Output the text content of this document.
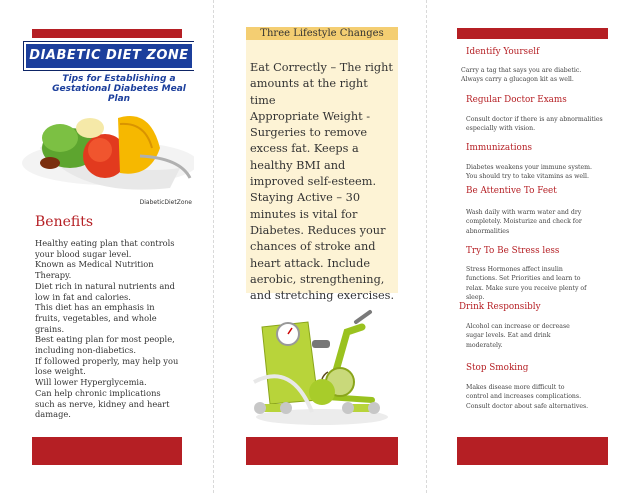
DIABETIC DIET ZONE
Tips for Establishing a Gestational Diabetes Meal Plan
DiabeticDietZone
Benefits
Healthy eating plan that controls
your blood sugar level.
Known as Medical Nutrition
Therapy.
Diet rich in natural nutrients and
low in fat and calories.
This diet has an emphasis in
fruits, vegetables, and whole
grains.
Best eating plan for most people,
including non-diabetics.
If followed properly, may help you
lose weight.
Will lower Hyperglycemia.
Can help chronic implications
such as nerve, kidney and heart
damage.
Three Lifestyle Changes
Eat Correctly – The right
amounts at the right time
Appropriate Weight -
Surgeries to remove
excess fat. Keeps a
healthy BMI and
improved self-esteem.
Staying Active – 30
minutes is vital for
Diabetes. Reduces your
chances of stroke and
heart attack. Include
aerobic, strengthening,
and stretching exercises.
Identify Yourself
Carry a tag that says you are diabetic.
Always carry a glucagon kit as well.
Regular Doctor Exams
Consult doctor if there is any abnormalities
especially with vision.
Immunizations
Diabetes weakens your immune system.
You should try to take vitamins as well.
Be Attentive To Feet
Wash daily with warm water and dry
completely. Moisturize and check for
abnormalities
Try To Be Stress less
Stress Hormones affect insulin
functions. Set Priorities and learn to
relax. Make sure you receive plenty of
sleep.
Drink Responsibly
Alcohol can increase or decrease
sugar levels. Eat and drink
moderately.
Stop Smoking
Makes disease more difficult to
control and increases complications.
Consult doctor about safe alternatives.
